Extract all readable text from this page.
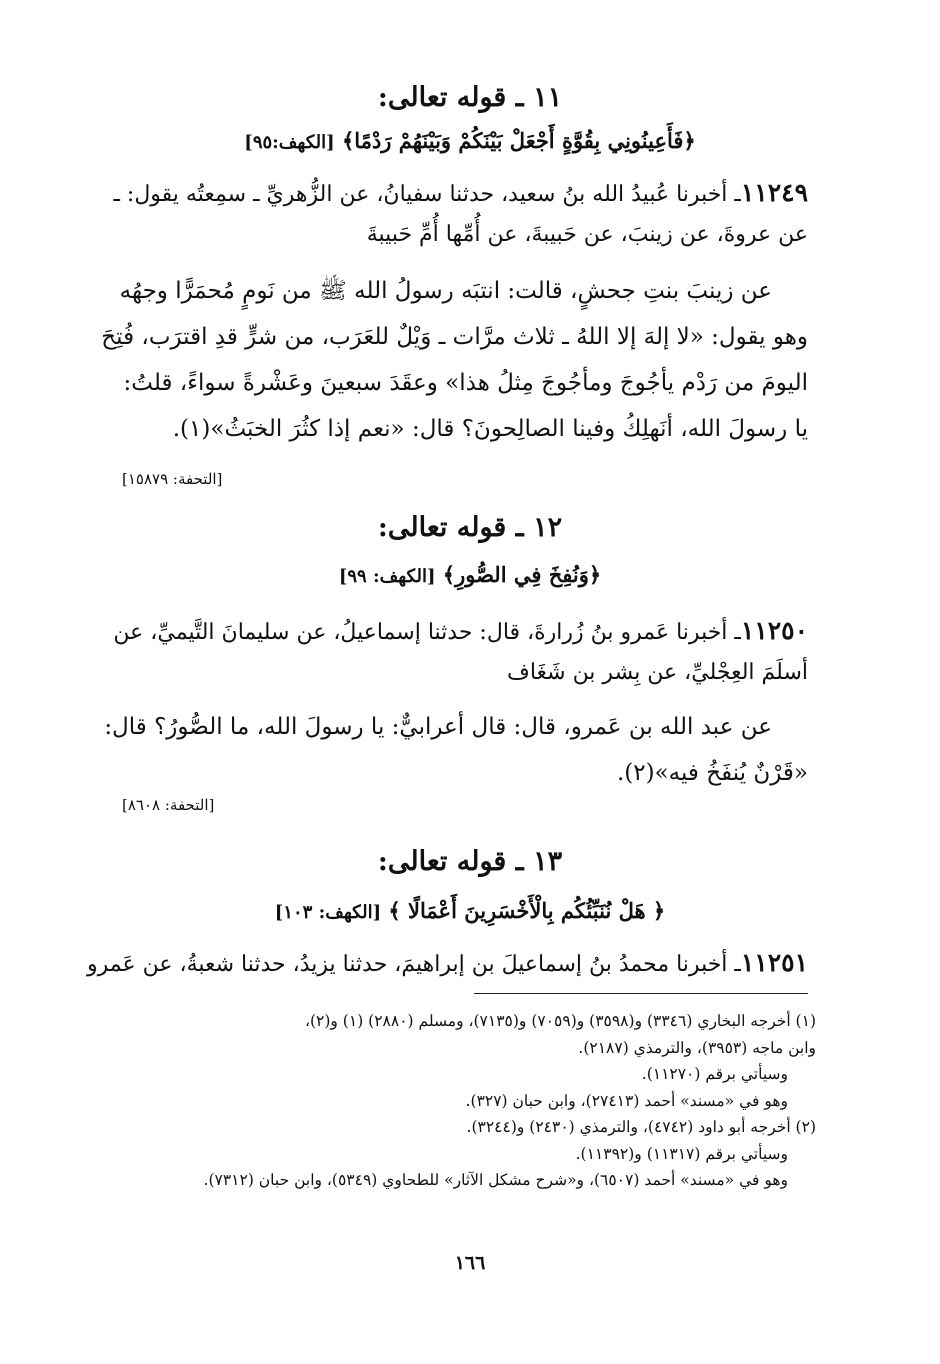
١١ ـ قوله تعالى:
﴿فَأَعِينُونِي بِقُوَّةٍ أَجْعَلْ بَيْنَكُمْ وَبَيْنَهُمْ رَدْمًا﴾ [الكهف:٩٥]
١١٢٤٩ـ أخبرنا عُبيدُ الله بنُ سعيد، حدثنا سفيانُ، عن الزُّهريِّ ـ سمِعتُه يقول: ـ
عن عروةَ، عن زينبَ، عن حَبيبةَ، عن أُمِّها أُمِّ حَبيبةَ

عن زينبَ بنتِ جحشٍ، قالت: انتبَه رسولُ الله ﷺ من نَومٍ مُحمَرًّا وجهُه

وهو يقول: «لا إلهَ إلا اللهُ ـ ثلاث مرَّات ـ وَيْلٌ للعَرَب، من شرٍّ قدِ اقترَب، فُتِحَ

اليومَ من رَدْم يأجُوجَ ومأجُوجَ مِثلُ هذا» وعقَدَ سبعينَ وعَشْرةً سواءً، قلتُ:

يا رسولَ الله، أنَهلِكُ وفينا الصالِحونَ؟ قال: «نعم إذا كثُرَ الخبَثُ»(١).

[التحفة: ١٥٨٧٩]
١٢ ـ قوله تعالى:
﴿وَنُفِخَ فِي الصُّورِ﴾ [الكهف: ٩٩]
١١٢٥٠ـ أخبرنا عَمرو بنُ زُرارةَ، قال: حدثنا إسماعيلُ، عن سليمانَ التَّيميِّ، عن
أسلَمَ العِجْليِّ، عن بِشر بن شَغَاف

عن عبد الله بن عَمرو، قال: قال أعرابيٌّ: يا رسولَ الله، ما الصُّورُ؟ قال:

«قَرْنٌ يُنفَخُ فيه»(٢).

[التحفة: ٨٦٠٨]
١٣ ـ قوله تعالى:
﴿ هَلْ نُنَبِّئُكُم بِالْأَخْسَرِينَ أَعْمَالًا ﴾ [الكهف: ١٠٣]
١١٢٥١ـ أخبرنا محمدُ بنُ إسماعيلَ بن إبراهيمَ، حدثنا يزيدُ، حدثنا شعبةُ، عن عَمرو
(١) أخرجه البخاري (٣٣٤٦) و(٣٥٩٨) و(٧٠٥٩) و(٧١٣٥)، ومسلم (٢٨٨٠) (١) و(٢)،
وابن ماجه (٣٩٥٣)، والترمذي (٢١٨٧).
وسيأتي برقم (١١٢٧٠).
وهو في «مسند» أحمد (٢٧٤١٣)، وابن حبان (٣٢٧).
(٢) أخرجه أبو داود (٤٧٤٢)، والترمذي (٢٤٣٠) و(٣٢٤٤).
وسيأتي برقم (١١٣١٧) و(١١٣٩٢).
وهو في «مسند» أحمد (٦٥٠٧)، و«شرح مشكل الآثار» للطحاوي (٥٣٤٩)، وابن حبان (٧٣١٢).
١٦٦
